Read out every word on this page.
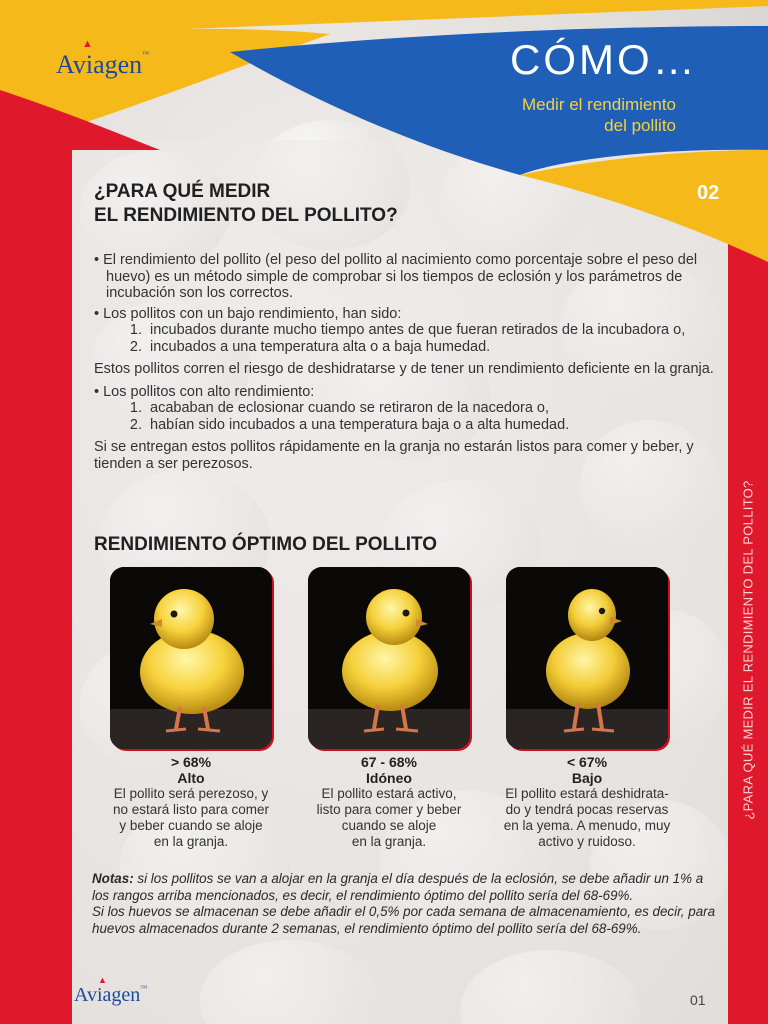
¿PARA QUÉ MEDIR EL RENDIMIENTO DEL POLLITO?
▲
Aviagen™	CÓMO…
Medir el rendimiento
del pollito
02
¿PARA QUÉ MEDIR
EL RENDIMIENTO DEL POLLITO?

• El rendimiento del pollito (el peso del pollito al nacimiento como porcentaje sobre el peso del huevo) es un método simple de comprobar si los tiempos de eclosión y los parámetros de incubación son los correctos.

• Los pollitos con un bajo rendimiento, han sido:

1. incubados durante mucho tiempo antes de que fueran retirados de la incubadora o,
2. incubados a una temperatura alta o a baja humedad.

Estos pollitos corren el riesgo de deshidratarse y de tener un rendimiento deficiente en la granja.

• Los pollitos con alto rendimiento:

1. acababan de eclosionar cuando se retiraron de la nacedora o,
2. habían sido incubados a una temperatura baja o a alta humedad.

Si se entregan estos pollitos rápidamente en la granja no estarán listos para comer y beber, y tienden a ser perezosos.

RENDIMIENTO ÓPTIMO DEL POLLITO
> 68%
Alto
El pollito será perezoso, y
no estará listo para comer
y beber cuando se aloje
en la granja.
67 - 68%
Idóneo
El pollito estará activo,
listo para comer y beber
cuando se aloje
en la granja.
< 67%
Bajo
El pollito estará deshidrata-
do y tendrá pocas reservas
en la yema. A menudo, muy
activo y ruidoso.
Notas: si los pollitos se van a alojar en la granja el día después de la eclosión, se debe añadir un 1% a los rangos arriba mencionados, es decir, el rendimiento óptimo del pollito sería del 68-69%.
Si los huevos se almacenan se debe añadir el 0,5% por cada semana de almacenamiento, es decir, para huevos almacenados durante 2 semanas, el rendimiento óptimo del pollito sería del 68-69%.
▲
Aviagen™
01
